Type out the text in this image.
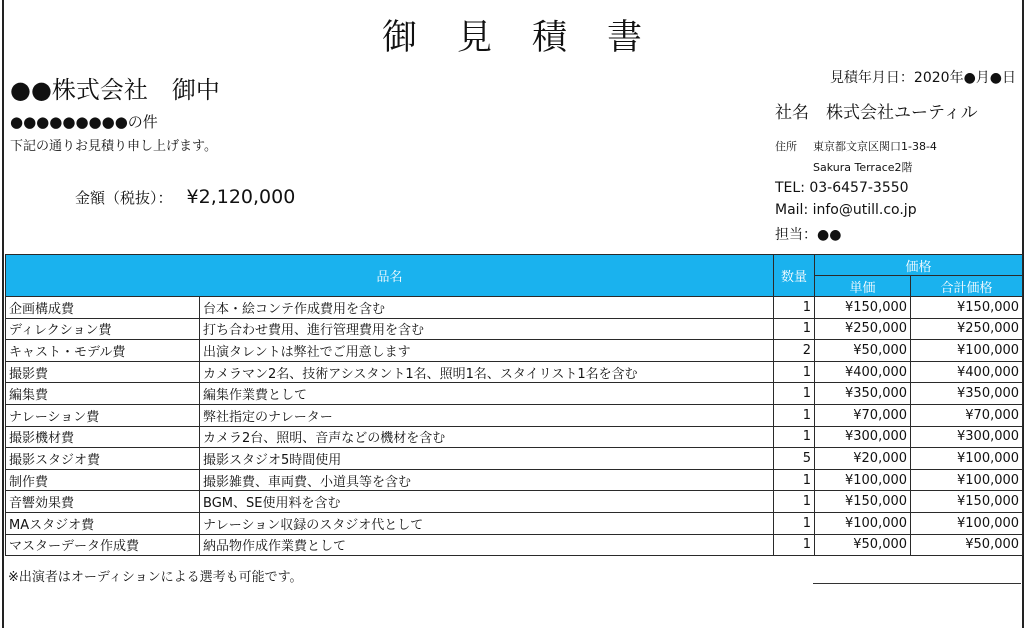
御見積書
●●株式会社　御中
●●●●●●●●●の件
下記の通りお見積り申し上げます。
金額（税抜）： ¥2,120,000
見積年月日：2020年●月●日
社名　株式会社ユーティル
住所 東京都文京区関口1-38-4
Sakura Terrace2階
TEL: 03-6457-3550
Mail: info@utill.co.jp
担当：●●
品名		数量	価格	
			単価	合計価格
企画構成費	台本・絵コンテ作成費用を含む	1	¥150,000	¥150,000
ディレクション費	打ち合わせ費用、進行管理費用を含む	1	¥250,000	¥250,000
キャスト・モデル費	出演タレントは弊社でご用意します	2	¥50,000	¥100,000
撮影費	カメラマン2名、技術アシスタント1名、照明1名、スタイリスト1名を含む	1	¥400,000	¥400,000
編集費	編集作業費として	1	¥350,000	¥350,000
ナレーション費	弊社指定のナレーター	1	¥70,000	¥70,000
撮影機材費	カメラ2台、照明、音声などの機材を含む	1	¥300,000	¥300,000
撮影スタジオ費	撮影スタジオ5時間使用	5	¥20,000	¥100,000
制作費	撮影雑費、車両費、小道具等を含む	1	¥100,000	¥100,000
音響効果費	BGM、SE使用料を含む	1	¥150,000	¥150,000
MAスタジオ費	ナレーション収録のスタジオ代として	1	¥100,000	¥100,000
マスターデータ作成費	納品物作成作業費として	1	¥50,000	¥50,000
※出演者はオーディションによる選考も可能です。
